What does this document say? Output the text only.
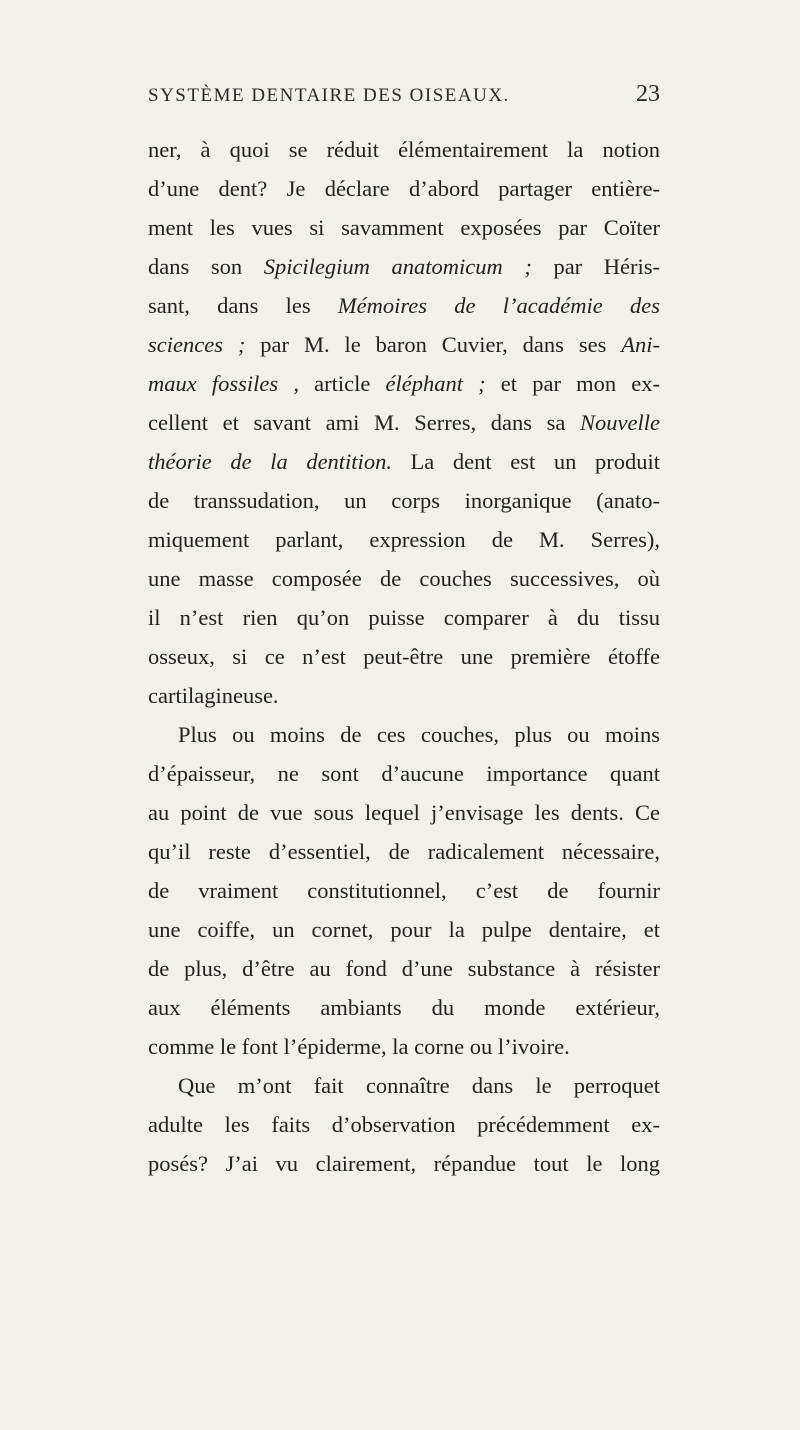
SYSTÈME DENTAIRE DES OISEAUX.	23
ner, à quoi se réduit élémentairement la notion
d’une dent? Je déclare d’abord partager entière-
ment les vues si savamment exposées par Coïter
dans son Spicilegium anatomicum ; par Héris-
sant, dans les Mémoires de l’académie des
sciences ; par M. le baron Cuvier, dans ses Ani-
maux fossiles , article éléphant ; et par mon ex-
cellent et savant ami M. Serres, dans sa Nouvelle
théorie de la dentition. La dent est un produit
de transsudation, un corps inorganique (anato-
miquement parlant, expression de M. Serres),
une masse composée de couches successives, où
il n’est rien qu’on puisse comparer à du tissu
osseux, si ce n’est peut-être une première étoffe
cartilagineuse.
Plus ou moins de ces couches, plus ou moins
d’épaisseur, ne sont d’aucune importance quant
au point de vue sous lequel j’envisage les dents. Ce
qu’il reste d’essentiel, de radicalement nécessaire,
de vraiment constitutionnel, c’est de fournir
une coiffe, un cornet, pour la pulpe dentaire, et
de plus, d’être au fond d’une substance à résister
aux éléments ambiants du monde extérieur,
comme le font l’épiderme, la corne ou l’ivoire.
Que m’ont fait connaître dans le perroquet
adulte les faits d’observation précédemment ex-
posés? J’ai vu clairement, répandue tout le long
